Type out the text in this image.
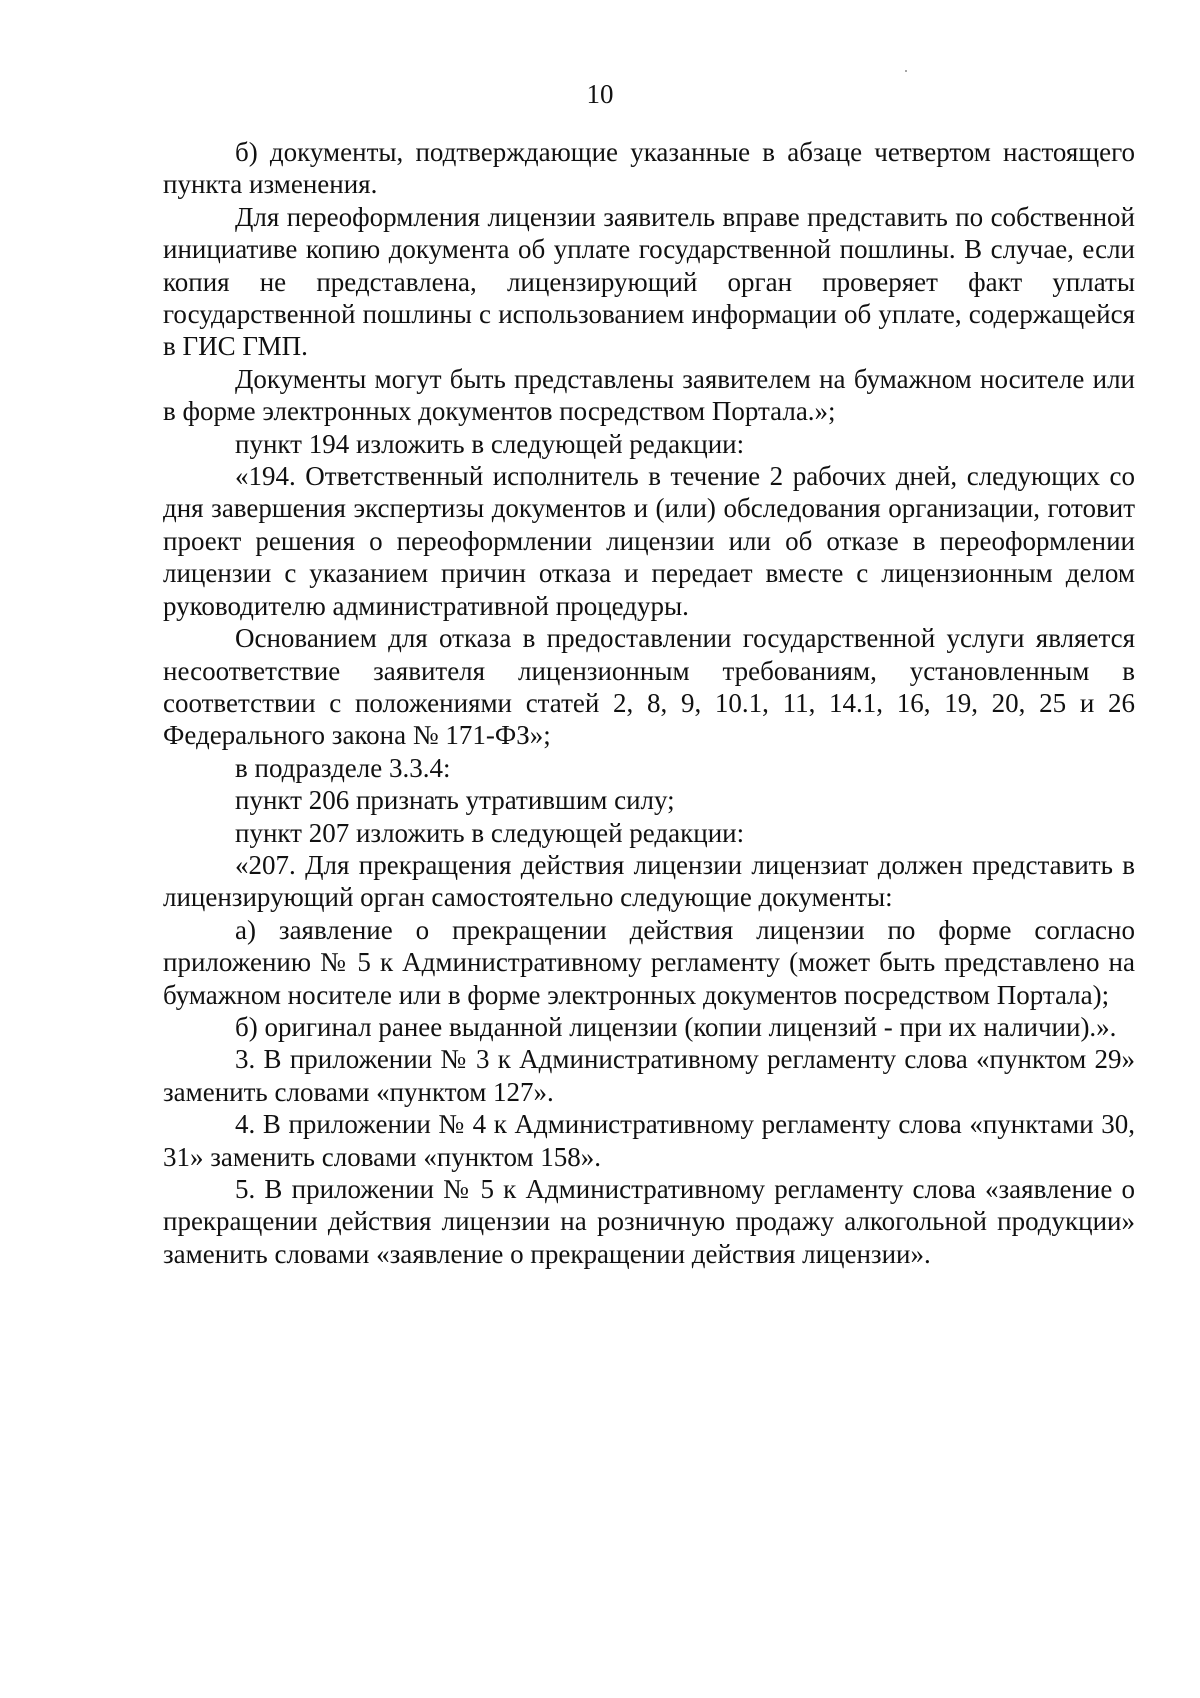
10

б) документы, подтверждающие указанные в абзаце четвертом настоящего пункта изменения.

Для переоформления лицензии заявитель вправе представить по собственной инициативе копию документа об уплате государственной пошлины. В случае, если копия не представлена, лицензирующий орган проверяет факт уплаты государственной пошлины с использованием информации об уплате, содержащейся в ГИС ГМП.

Документы могут быть представлены заявителем на бумажном носителе или в форме электронных документов посредством Портала.»;

пункт 194 изложить в следующей редакции:

«194. Ответственный исполнитель в течение 2 рабочих дней, следующих со дня завершения экспертизы документов и (или) обследования организации, готовит проект решения о переоформлении лицензии или об отказе в переоформлении лицензии с указанием причин отказа и передает вместе с лицензионным делом руководителю административной процедуры.

Основанием для отказа в предоставлении государственной услуги является несоответствие заявителя лицензионным требованиям, установленным в соответствии с положениями статей 2, 8, 9, 10.1, 11, 14.1, 16, 19, 20, 25 и 26 Федерального закона № 171-ФЗ»;

в подразделе 3.3.4:

пункт 206 признать утратившим силу;

пункт 207 изложить в следующей редакции:

«207. Для прекращения действия лицензии лицензиат должен представить в лицензирующий орган самостоятельно следующие документы:

а) заявление о прекращении действия лицензии по форме согласно приложению № 5 к Административному регламенту (может быть представлено на бумажном носителе или в форме электронных документов посредством Портала);

б) оригинал ранее выданной лицензии (копии лицензий - при их наличии).».

3. В приложении № 3 к Административному регламенту слова «пунктом 29» заменить словами «пунктом 127».

4. В приложении № 4 к Административному регламенту слова «пунктами 30, 31» заменить словами «пунктом 158».

5. В приложении № 5 к Административному регламенту слова «заявление о прекращении действия лицензии на розничную продажу алкогольной продукции» заменить словами «заявление о прекращении действия лицензии».
